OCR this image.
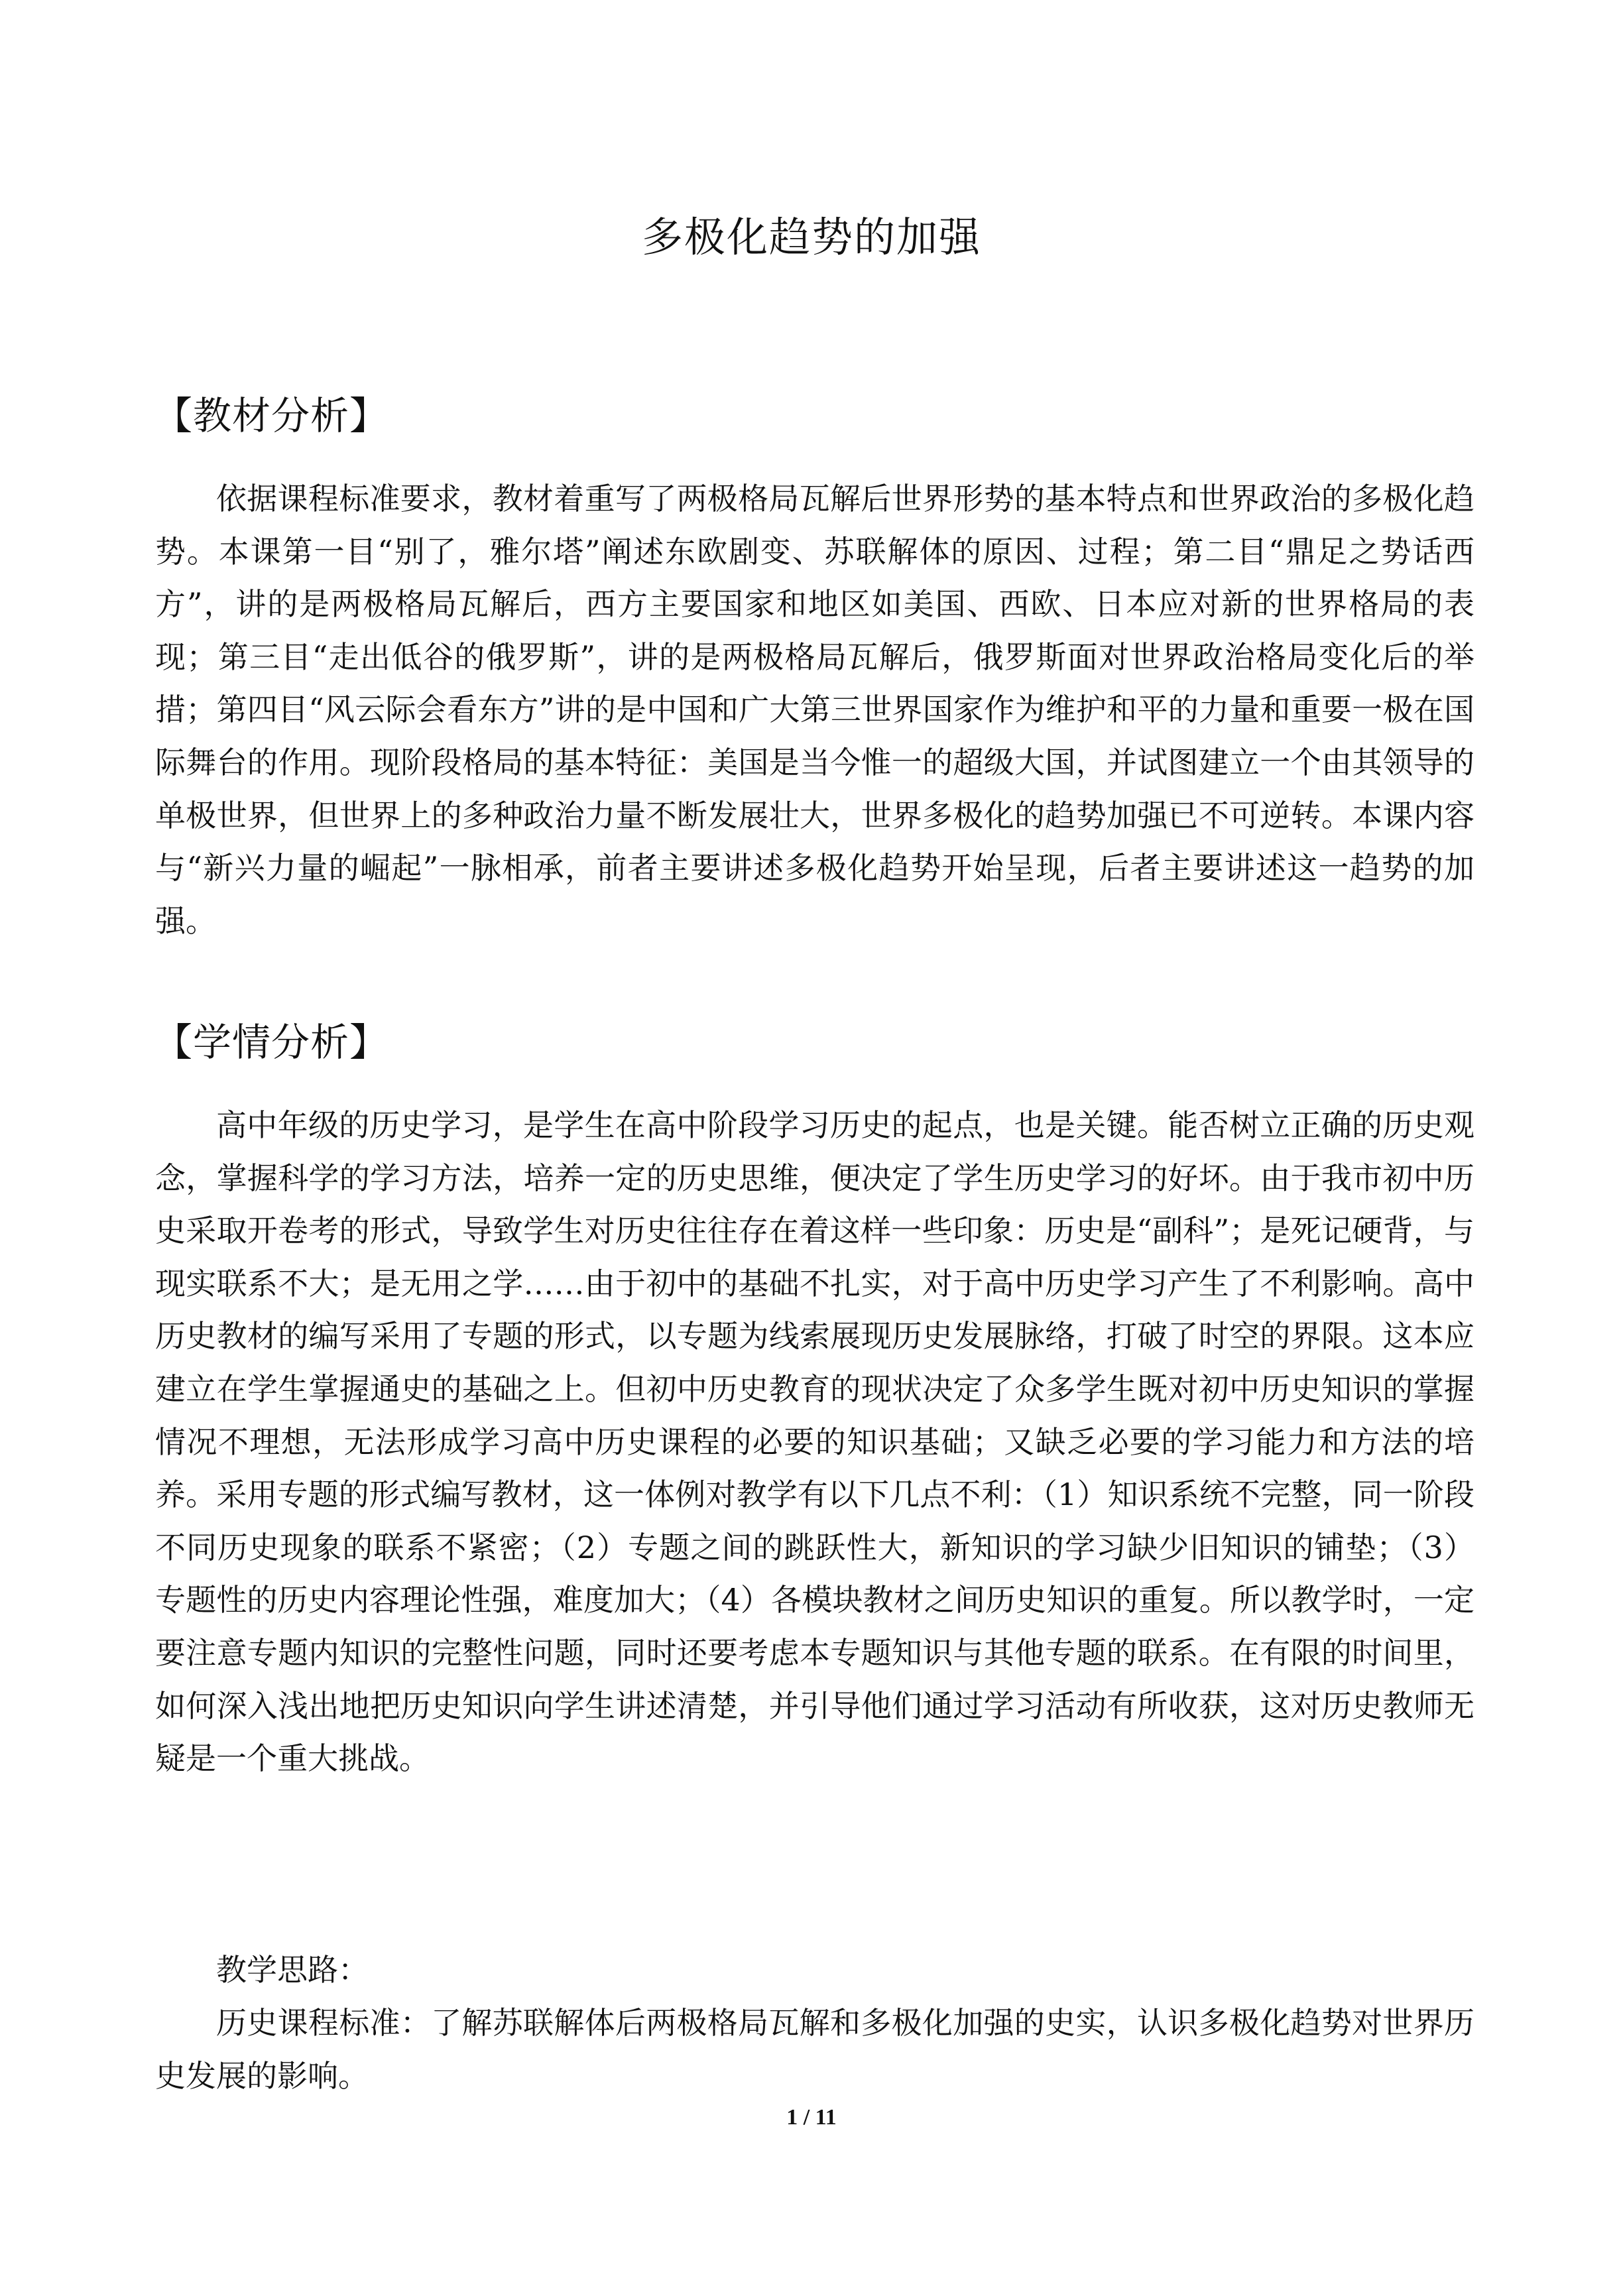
多极化趋势的加强
【教材分析】

依据课程标准要求，教材着重写了两极格局瓦解后世界形势的基本特点和世界政治的多极化趋势。本课第一目“别了，雅尔塔”阐述东欧剧变、苏联解体的原因、过程；第二目“鼎足之势话西方”，讲的是两极格局瓦解后，西方主要国家和地区如美国、西欧、日本应对新的世界格局的表现；第三目“走出低谷的俄罗斯”，讲的是两极格局瓦解后，俄罗斯面对世界政治格局变化后的举措；第四目“风云际会看东方”讲的是中国和广大第三世界国家作为维护和平的力量和重要一极在国际舞台的作用。现阶段格局的基本特征：美国是当今惟一的超级大国，并试图建立一个由其领导的单极世界，但世界上的多种政治力量不断发展壮大，世界多极化的趋势加强已不可逆转。本课内容与“新兴力量的崛起”一脉相承，前者主要讲述多极化趋势开始呈现，后者主要讲述这一趋势的加强。

【学情分析】

高中年级的历史学习，是学生在高中阶段学习历史的起点，也是关键。能否树立正确的历史观念，掌握科学的学习方法，培养一定的历史思维，便决定了学生历史学习的好坏。由于我市初中历史采取开卷考的形式，导致学生对历史往往存在着这样一些印象：历史是“副科”；是死记硬背，与现实联系不大；是无用之学……由于初中的基础不扎实，对于高中历史学习产生了不利影响。高中历史教材的编写采用了专题的形式，以专题为线索展现历史发展脉络，打破了时空的界限。这本应建立在学生掌握通史的基础之上。但初中历史教育的现状决定了众多学生既对初中历史知识的掌握情况不理想，无法形成学习高中历史课程的必要的知识基础；又缺乏必要的学习能力和方法的培养。采用专题的形式编写教材，这一体例对教学有以下几点不利：（1）知识系统不完整，同一阶段不同历史现象的联系不紧密；（2）专题之间的跳跃性大，新知识的学习缺少旧知识的铺垫；（3）专题性的历史内容理论性强，难度加大；（4）各模块教材之间历史知识的重复。所以教学时，一定要注意专题内知识的完整性问题，同时还要考虑本专题知识与其他专题的联系。在有限的时间里，如何深入浅出地把历史知识向学生讲述清楚，并引导他们通过学习活动有所收获，这对历史教师无疑是一个重大挑战。

教学思路：

历史课程标准：了解苏联解体后两极格局瓦解和多极化加强的史实，认识多极化趋势对世界历史发展的影响。

1 / 11
